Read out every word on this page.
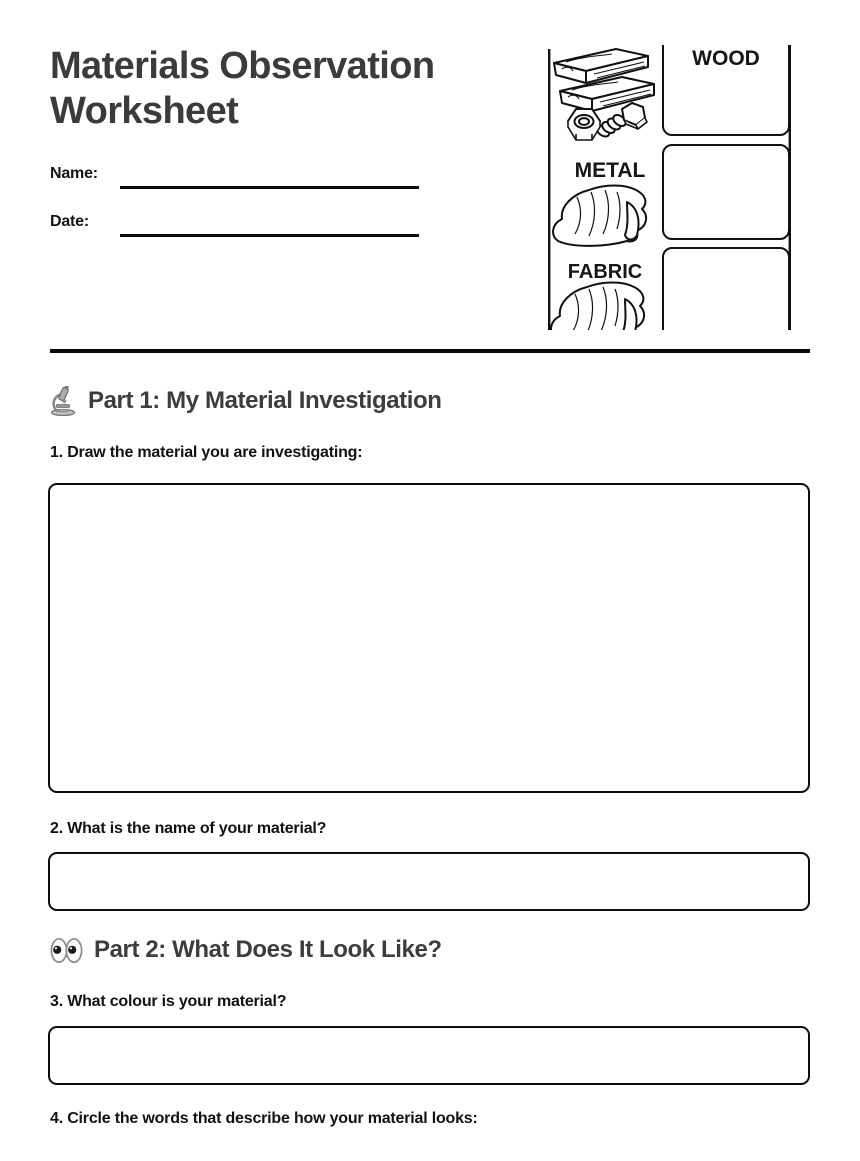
Materials Observation Worksheet
Name:
Date:
WOOD
METAL
FABRIC
Part 1: My Material Investigation
1. Draw the material you are investigating:
2. What is the name of your material?
Part 2: What Does It Look Like?
3. What colour is your material?
4. Circle the words that describe how your material looks:
